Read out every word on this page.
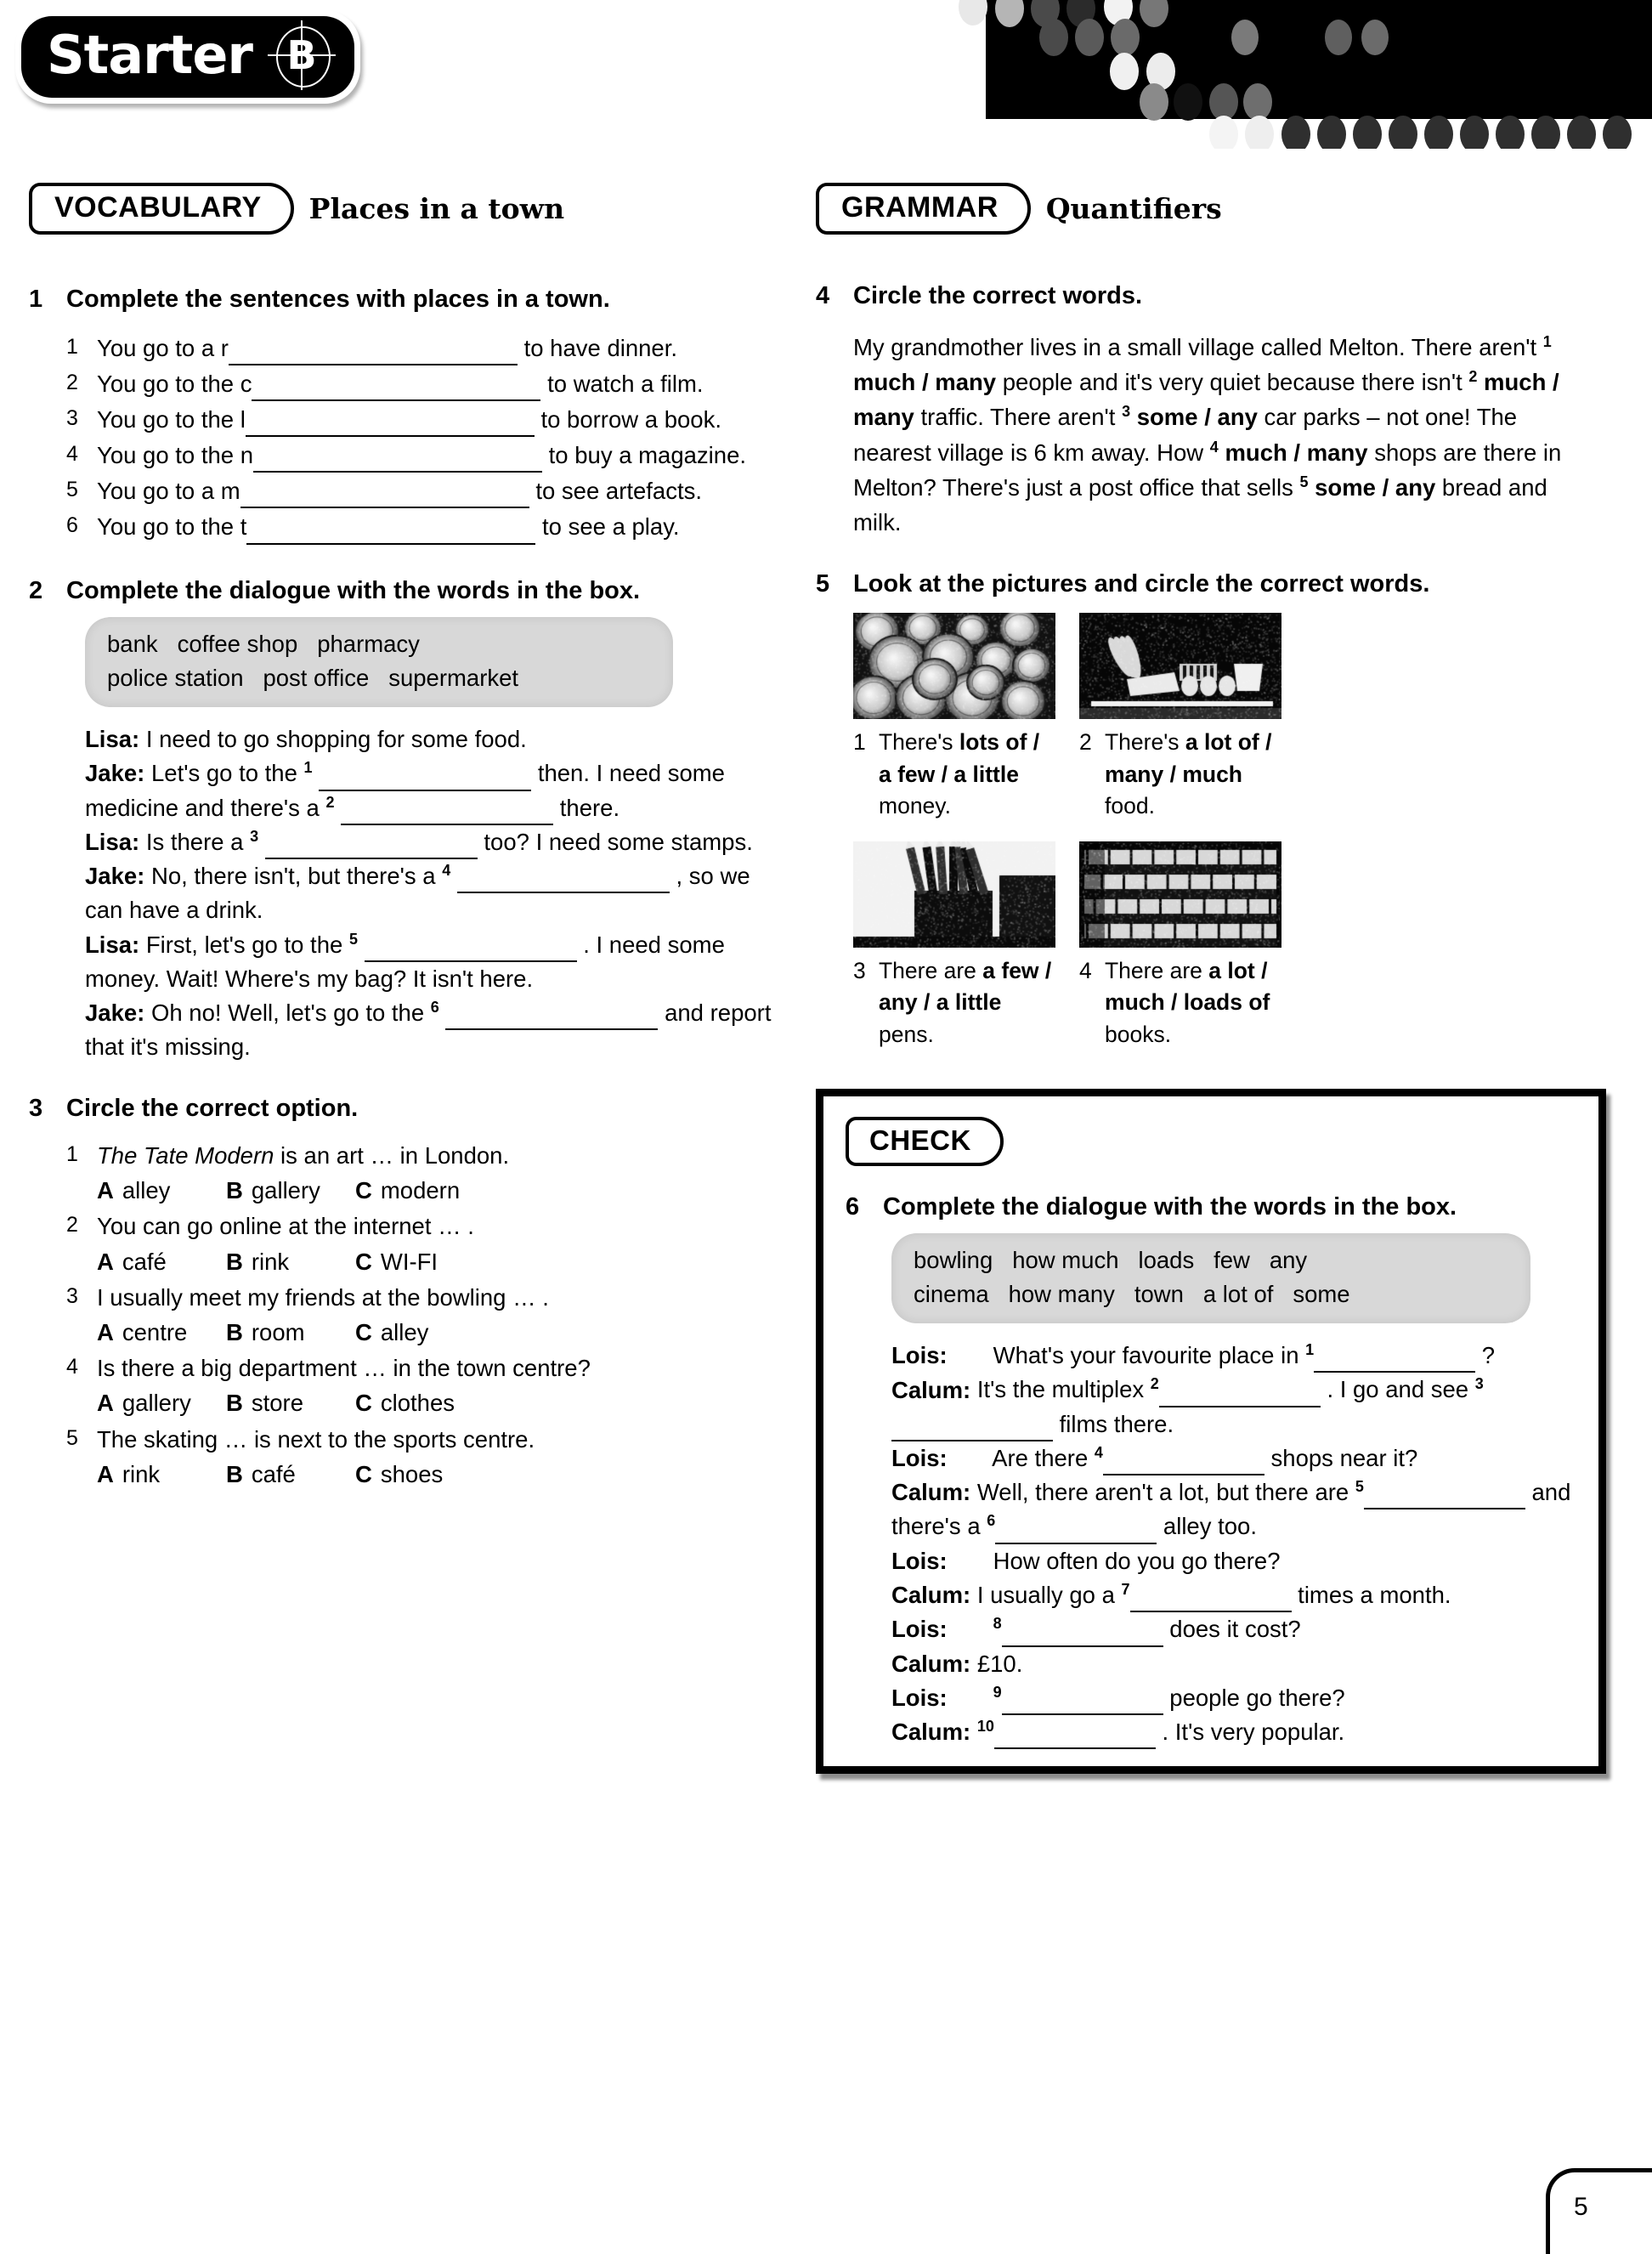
Starter B
VOCABULARY	Places in a town
1 Complete the sentences with places in a town.
1 You go to a r	to have dinner.
2 You go to the c	to watch a film.
3 You go to the l	to borrow a book.
4 You go to the n	to buy a magazine.
5 You go to a m	to see artefacts.
6 You go to the t	to see a play.
2 Complete the dialogue with the words in the box.
bank coffee shop pharmacy
police station post office supermarket
Lisa: I need to go shopping for some food.
Jake: Let's go to the $^1$	then. I need some medicine and there's a $^2$	there.
Lisa: Is there a $^3$	too? I need some stamps.
Jake: No, there isn't, but there's a $^4$	, so we can have a drink.
Lisa: First, let's go to the $^5$	. I need some money. Wait! Where's my bag? It isn't here.
Jake: Oh no! Well, let's go to the $^6$	and report that it's missing.
3 Circle the correct option.
1 The Tate Modern is an art … in London.
A alley	B gallery	C modern
2 You can go online at the internet … .
A café	B rink	C WI-FI
3 I usually meet my friends at the bowling … .
A centre	B room	C alley
4 Is there a big department … in the town centre?
A gallery	B store	C clothes
5 The skating … is next to the sports centre.
A rink	B café	C shoes
GRAMMAR	Quantifiers
4 Circle the correct words.
My grandmother lives in a small village called Melton. There aren't $^1$ much / many people and it's very quiet because there isn't $^2$ much / many traffic. There aren't $^3$ some / any car parks – not one! The nearest village is 6 km away. How $^4$ much / many shops are there in Melton? There's just a post office that sells $^5$ some / any bread and milk.
5 Look at the pictures and circle the correct words.
1 There's lots of / a few / a little money.
2 There's a lot of / many / much food.
3 There are a few / any / a little pens.
4 There are a lot / much / loads of books.
CHECK
6 Complete the dialogue with the words in the box.
bowling how much loads few any
cinema how many town a lot of some
Lois: What's your favourite place in $^1$	?
Calum: It's the multiplex $^2$	. I go and see $^3$ films there.
Lois: Are there $^4$	shops near it?
Calum: Well, there aren't a lot, but there are $^5$	and there's a $^6$	alley too.
Lois: How often do you go there?
Calum: I usually go a $^7$	times a month.
Lois:	$^8$	does it cost?
Calum: £10.
Lois:	$^9$	people go there?
Calum: $^{10}$	. It's very popular.
5
